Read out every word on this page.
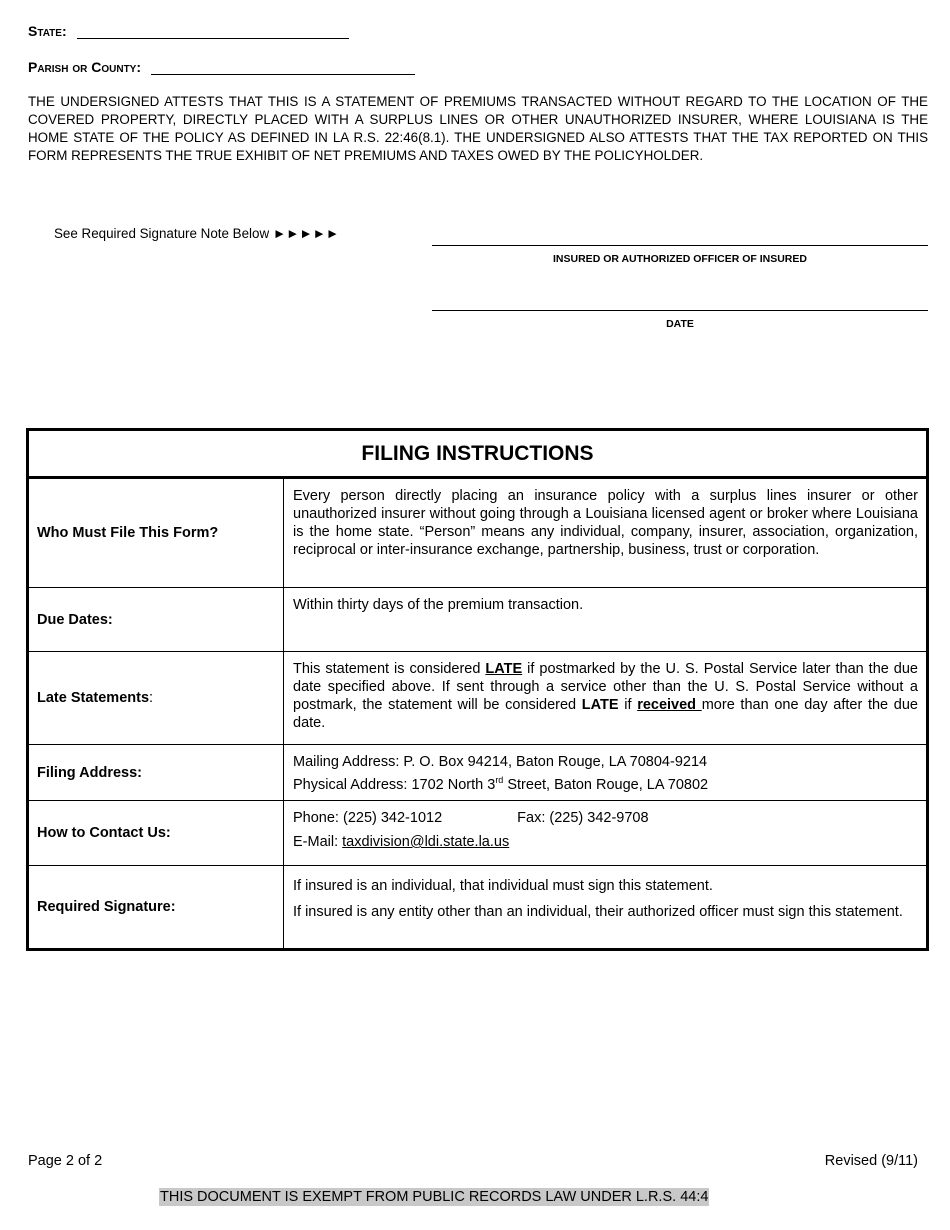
State:
Parish or County:

THE UNDERSIGNED ATTESTS THAT THIS IS A STATEMENT OF PREMIUMS TRANSACTED WITHOUT REGARD TO THE LOCATION OF THE COVERED PROPERTY, DIRECTLY PLACED WITH A SURPLUS LINES OR OTHER UNAUTHORIZED INSURER, WHERE LOUISIANA IS THE HOME STATE OF THE POLICY AS DEFINED IN LA R.S. 22:46(8.1). THE UNDERSIGNED ALSO ATTESTS THAT THE TAX REPORTED ON THIS FORM REPRESENTS THE TRUE EXHIBIT OF NET PREMIUMS AND TAXES OWED BY THE POLICYHOLDER.

See Required Signature Note Below ►►►►►
INSURED OR AUTHORIZED OFFICER OF INSURED
DATE
FILING INSTRUCTIONS
Who Must File This Form?
Every person directly placing an insurance policy with a surplus lines insurer or other unauthorized insurer without going through a Louisiana licensed agent or broker where Louisiana is the home state. “Person” means any individual, company, insurer, association, organization, reciprocal or inter-insurance exchange, partnership, business, trust or corporation.
Due Dates:
Within thirty days of the premium transaction.
Late Statements :
This statement is considered LATE if postmarked by the U. S. Postal Service later than the due date specified above. If sent through a service other than the U. S. Postal Service without a postmark, the statement will be considered LATE if received more than one day after the due date.
Filing Address:

Mailing Address: P. O. Box 94214, Baton Rouge, LA 70804-9214

Physical Address: 1702 North 3rd Street, Baton Rouge, LA 70802

How to Contact Us:

Phone: (225) 342-1012	Fax: (225) 342-9708

E-Mail: taxdivision@ldi.state.la.us

Required Signature:

If insured is an individual, that individual must sign this statement.

If insured is any entity other than an individual, their authorized officer must sign this statement.

Page 2 of 2	Revised (9/11)
THIS DOCUMENT IS EXEMPT FROM PUBLIC RECORDS LAW UNDER L.R.S. 44:4
